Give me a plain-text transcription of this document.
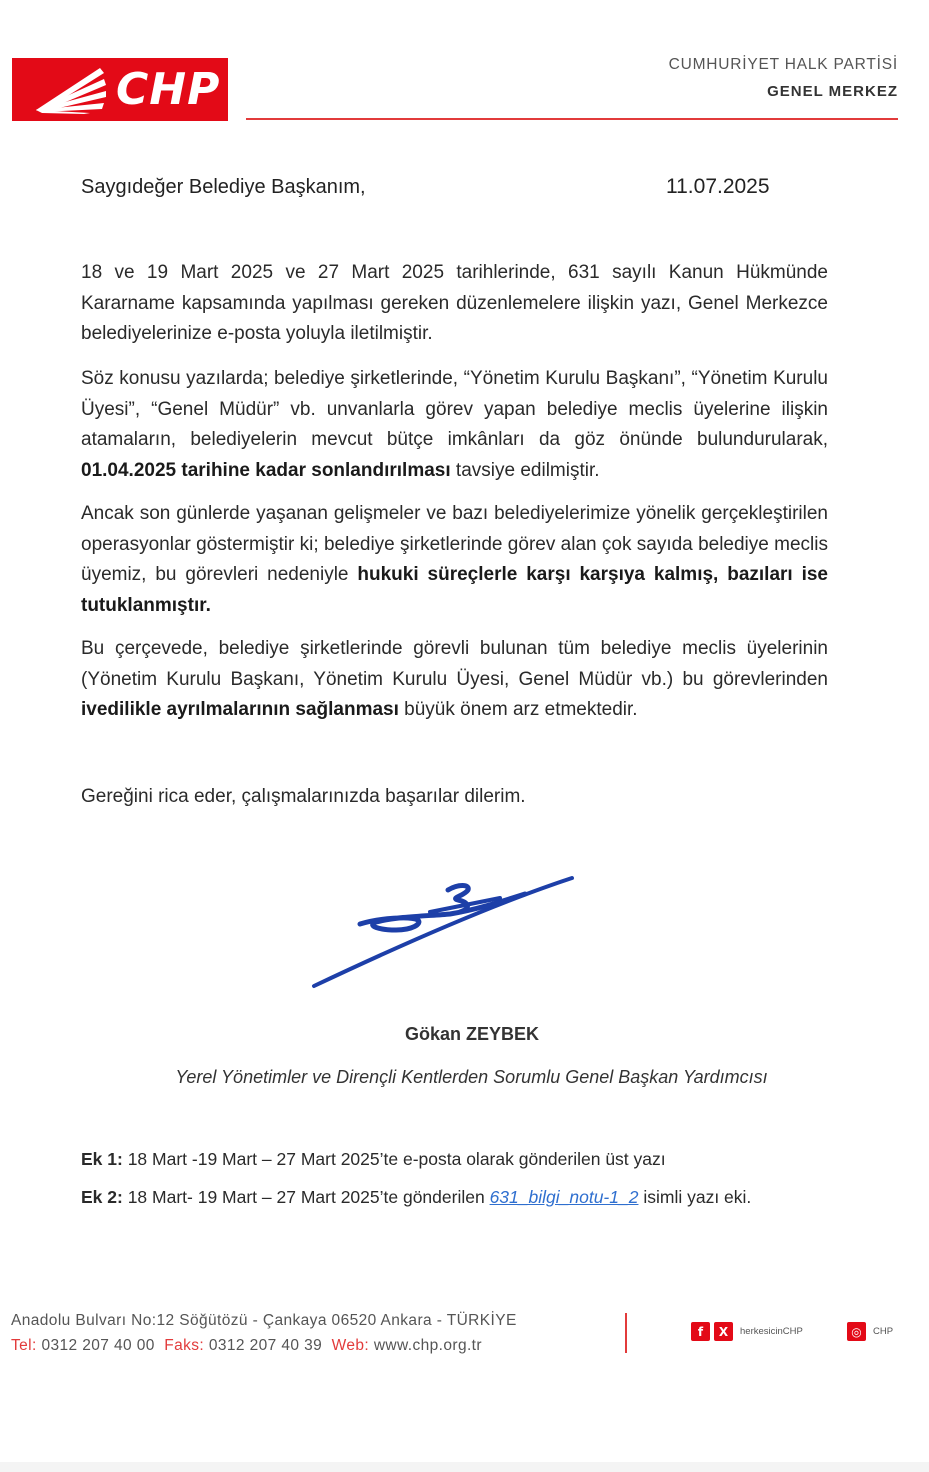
CHP	CUMHURİYET HALK PARTİSİ
GENEL MERKEZ
Saygıdeğer Belediye Başkanım,	11.07.2025

18 ve 19 Mart 2025 ve 27 Mart 2025 tarihlerinde, 631 sayılı Kanun Hükmünde Kararname kapsamında yapılması gereken düzenlemelere ilişkin yazı, Genel Merkezce belediyelerinize e-posta yoluyla iletilmiştir.

Söz konusu yazılarda; belediye şirketlerinde, “Yönetim Kurulu Başkanı”, “Yönetim Kurulu Üyesi”, “Genel Müdür” vb. unvanlarla görev yapan belediye meclis üyelerine ilişkin atamaların, belediyelerin mevcut bütçe imkânları da göz önünde bulundurularak, 01.04.2025 tarihine kadar sonlandırılması tavsiye edilmiştir.

Ancak son günlerde yaşanan gelişmeler ve bazı belediyelerimize yönelik gerçekleştirilen operasyonlar göstermiştir ki; belediye şirketlerinde görev alan çok sayıda belediye meclis üyemiz, bu görevleri nedeniyle hukuki süreçlerle karşı karşıya kalmış, bazıları ise tutuklanmıştır.

Bu çerçevede, belediye şirketlerinde görevli bulunan tüm belediye meclis üyelerinin (Yönetim Kurulu Başkanı, Yönetim Kurulu Üyesi, Genel Müdür vb.) bu görevlerinden ivedilikle ayrılmalarının sağlanması büyük önem arz etmektedir.

Gereğini rica eder, çalışmalarınızda başarılar dilerim.
Gökan ZEYBEK
Yerel Yönetimler ve Dirençli Kentlerden Sorumlu Genel Başkan Yardımcısı
Ek 1: 18 Mart -19 Mart – 27 Mart 2025’te e-posta olarak gönderilen üst yazı
Ek 2: 18 Mart- 19 Mart – 27 Mart 2025’te gönderilen 631_bilgi_notu-1_2 isimli yazı eki.
Anadolu Bulvarı No:12 Söğütözü - Çankaya 06520 Ankara - TÜRKİYE
Tel: 0312 207 40 00 Faks: 0312 207 40 39 Web: www.chp.org.tr
f	X	herkesicinCHP	◎	CHP
